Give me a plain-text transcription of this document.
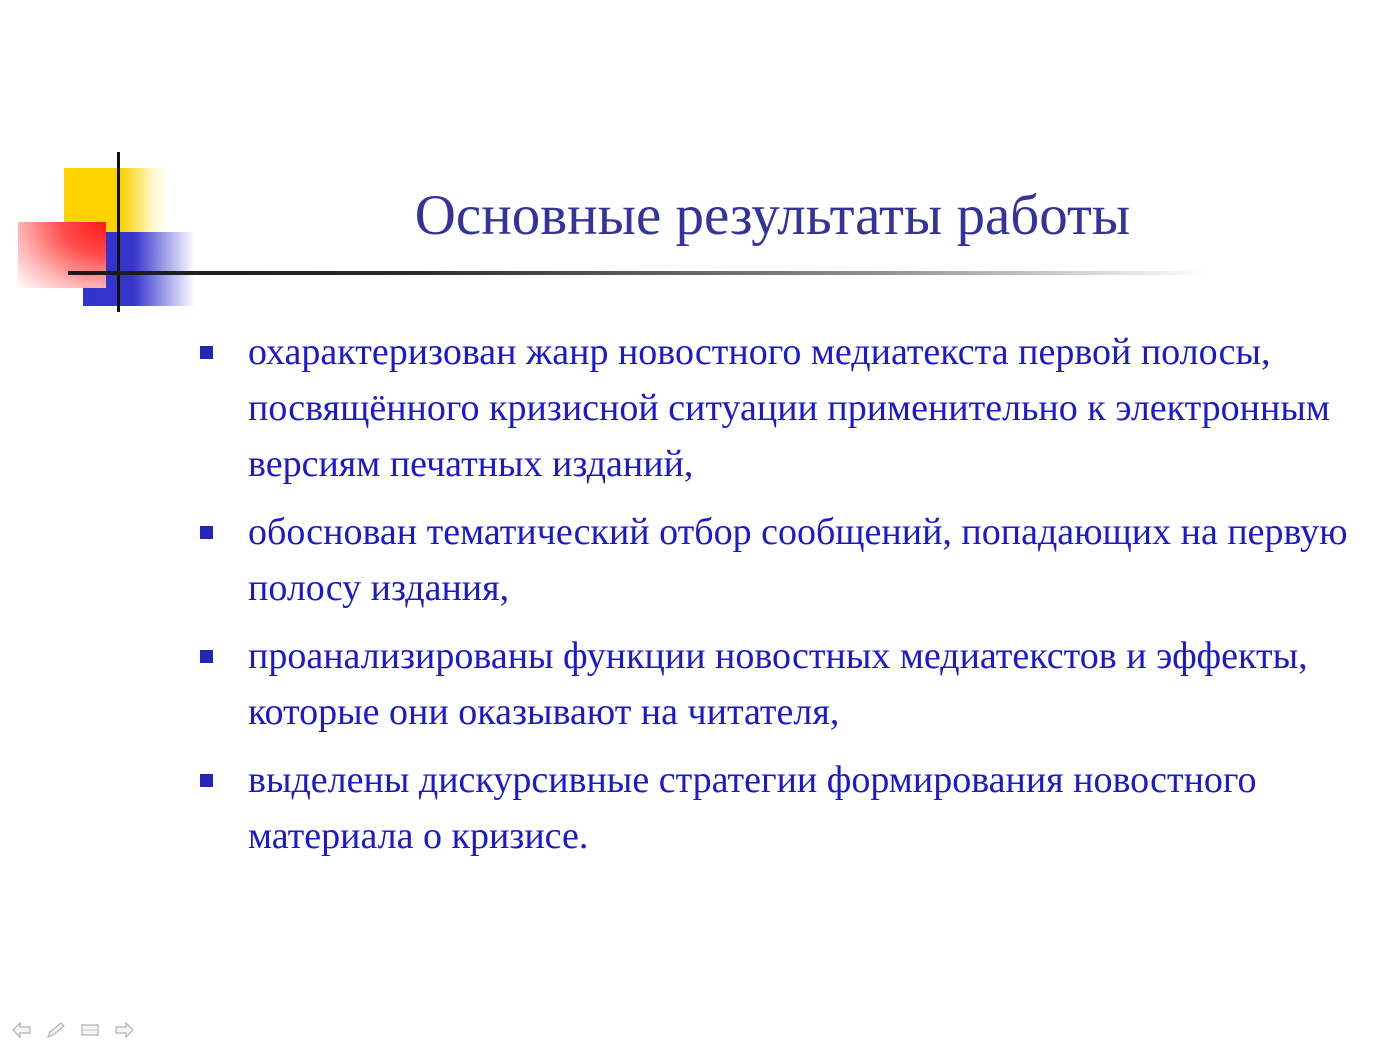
Основные результаты работы
охарактеризован жанр новостного медиатекста первой полосы, посвящённого кризисной ситуации применительно к электронным версиям печатных изданий,
обоснован тематический отбор сообщений, попадающих на первую полосу издания,
проанализированы функции новостных медиатекстов и эффекты, которые они оказывают на читателя,
выделены дискурсивные стратегии формирования новостного материала о кризисе.
